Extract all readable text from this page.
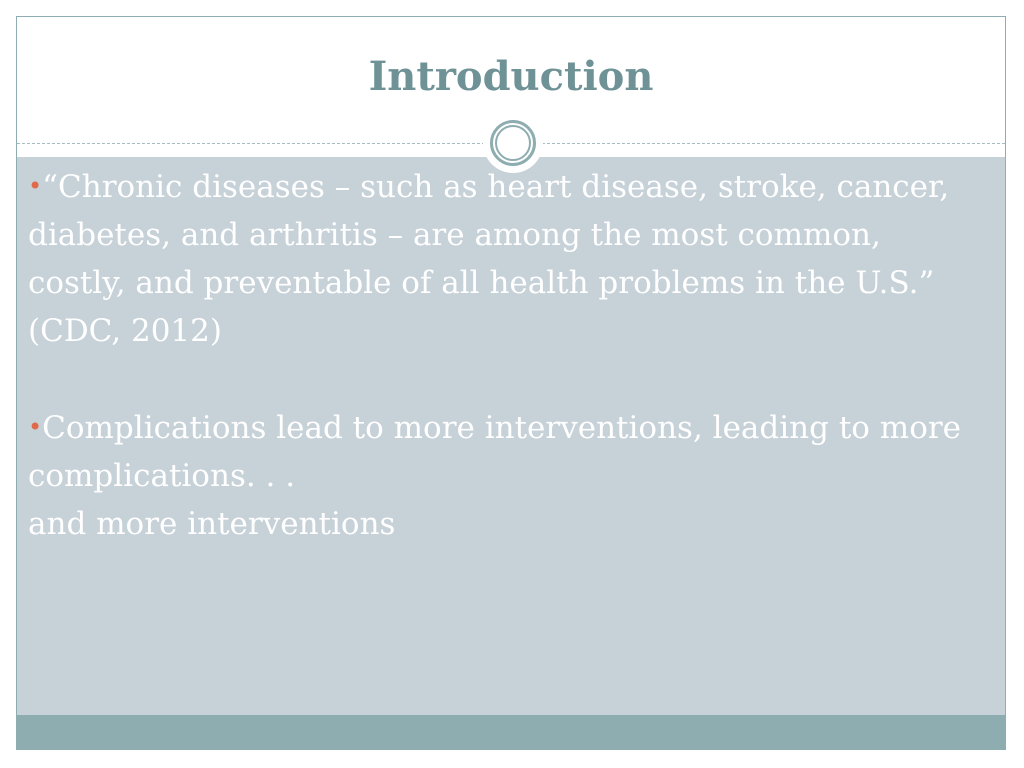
Introduction
•“Chronic diseases – such as heart disease, stroke, cancer, diabetes, and arthritis – are among the most common, costly, and preventable of all health problems in the U.S.” (CDC, 2012)
•Complications lead to more interventions, leading to more complications. . .
and more interventions
